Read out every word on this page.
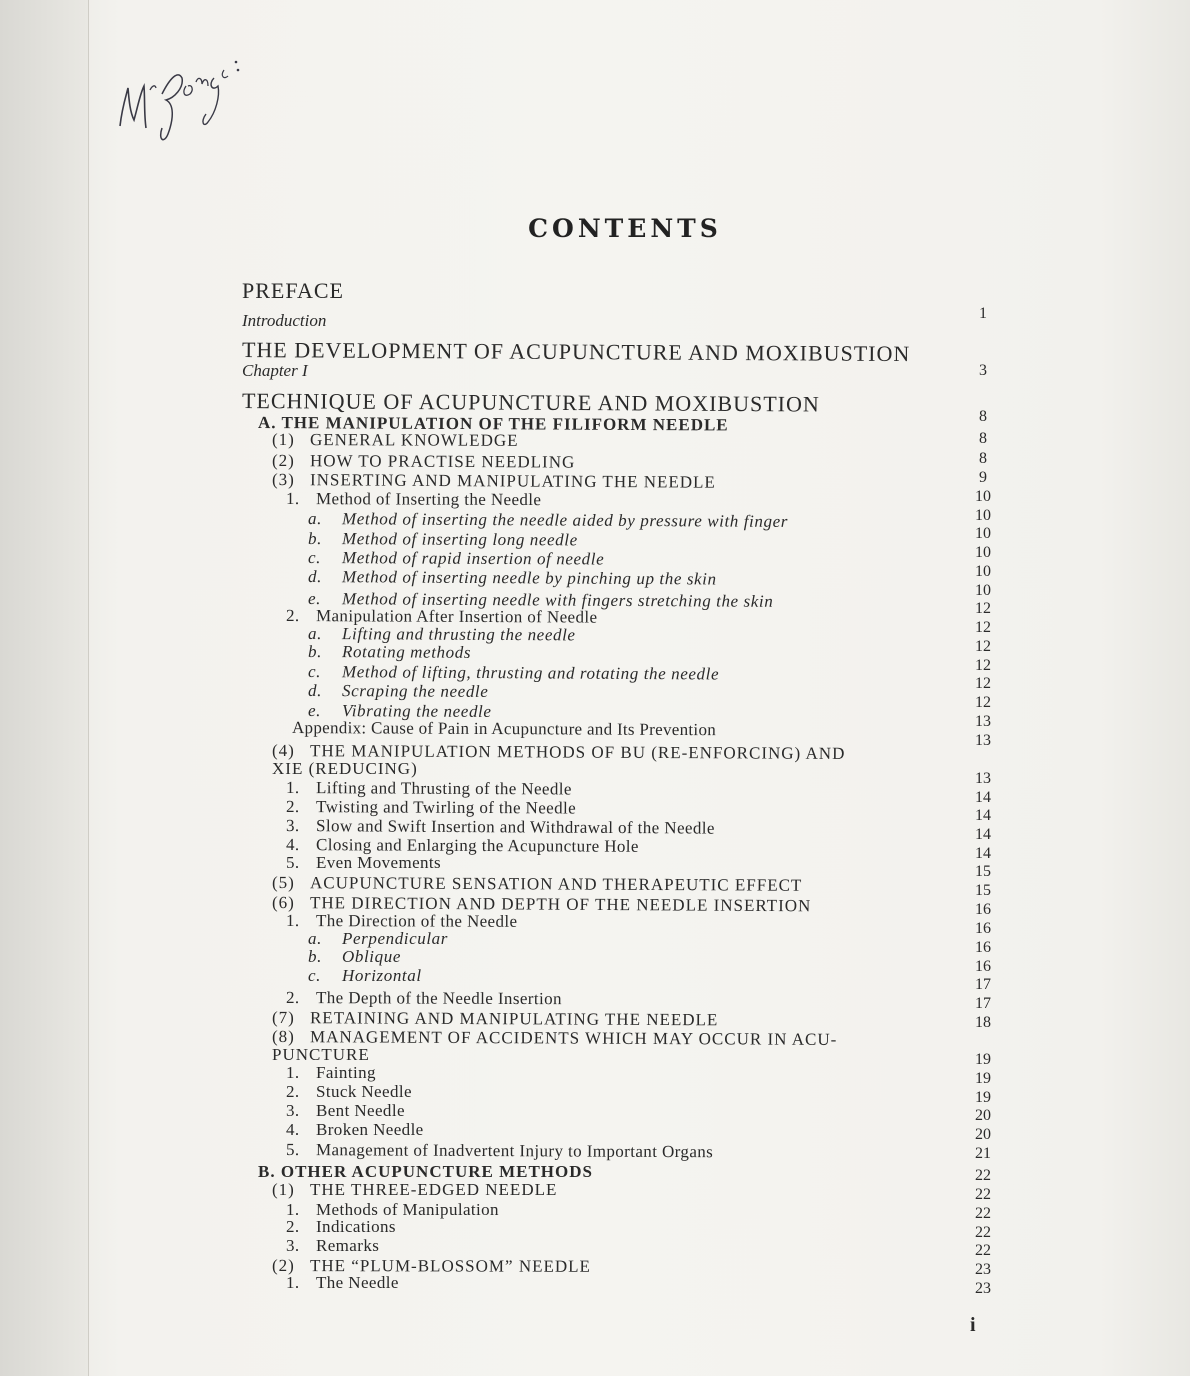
CONTENTS
PREFACE
Introduction
THE DEVELOPMENT OF ACUPUNCTURE AND MOXIBUSTION
Chapter I
TECHNIQUE OF ACUPUNCTURE AND MOXIBUSTION
A. THE MANIPULATION OF THE FILIFORM NEEDLE
(1) GENERAL KNOWLEDGE
(2) HOW TO PRACTISE NEEDLING
(3) INSERTING AND MANIPULATING THE NEEDLE
1. Method of Inserting the Needle
a. Method of inserting the needle aided by pressure with finger
b. Method of inserting long needle
c. Method of rapid insertion of needle
d. Method of inserting needle by pinching up the skin
e. Method of inserting needle with fingers stretching the skin
2. Manipulation After Insertion of Needle
a. Lifting and thrusting the needle
b. Rotating methods
c. Method of lifting, thrusting and rotating the needle
d. Scraping the needle
e. Vibrating the needle
Appendix: Cause of Pain in Acupuncture and Its Prevention
(4) THE MANIPULATION METHODS OF BU (RE-ENFORCING) AND
XIE (REDUCING)
1. Lifting and Thrusting of the Needle
2. Twisting and Twirling of the Needle
3. Slow and Swift Insertion and Withdrawal of the Needle
4. Closing and Enlarging the Acupuncture Hole
5. Even Movements
(5) ACUPUNCTURE SENSATION AND THERAPEUTIC EFFECT
(6) THE DIRECTION AND DEPTH OF THE NEEDLE INSERTION
1. The Direction of the Needle
a. Perpendicular
b. Oblique
c. Horizontal
2. The Depth of the Needle Insertion
(7) RETAINING AND MANIPULATING THE NEEDLE
(8) MANAGEMENT OF ACCIDENTS WHICH MAY OCCUR IN ACU-
PUNCTURE
1. Fainting
2. Stuck Needle
3. Bent Needle
4. Broken Needle
5. Management of Inadvertent Injury to Important Organs
B. OTHER ACUPUNCTURE METHODS
(1) THE THREE-EDGED NEEDLE
1. Methods of Manipulation
2. Indications
3. Remarks
(2) THE “PLUM-BLOSSOM” NEEDLE
1. The Needle
1
3
8
8
8
9
10
10
10
10
10
10
12
12
12
12
12
12
13
13
13
14
14
14
14
15
15
16
16
16
16
17
17
18
19
19
19
20
20
21
22
22
22
22
22
23
23
i
